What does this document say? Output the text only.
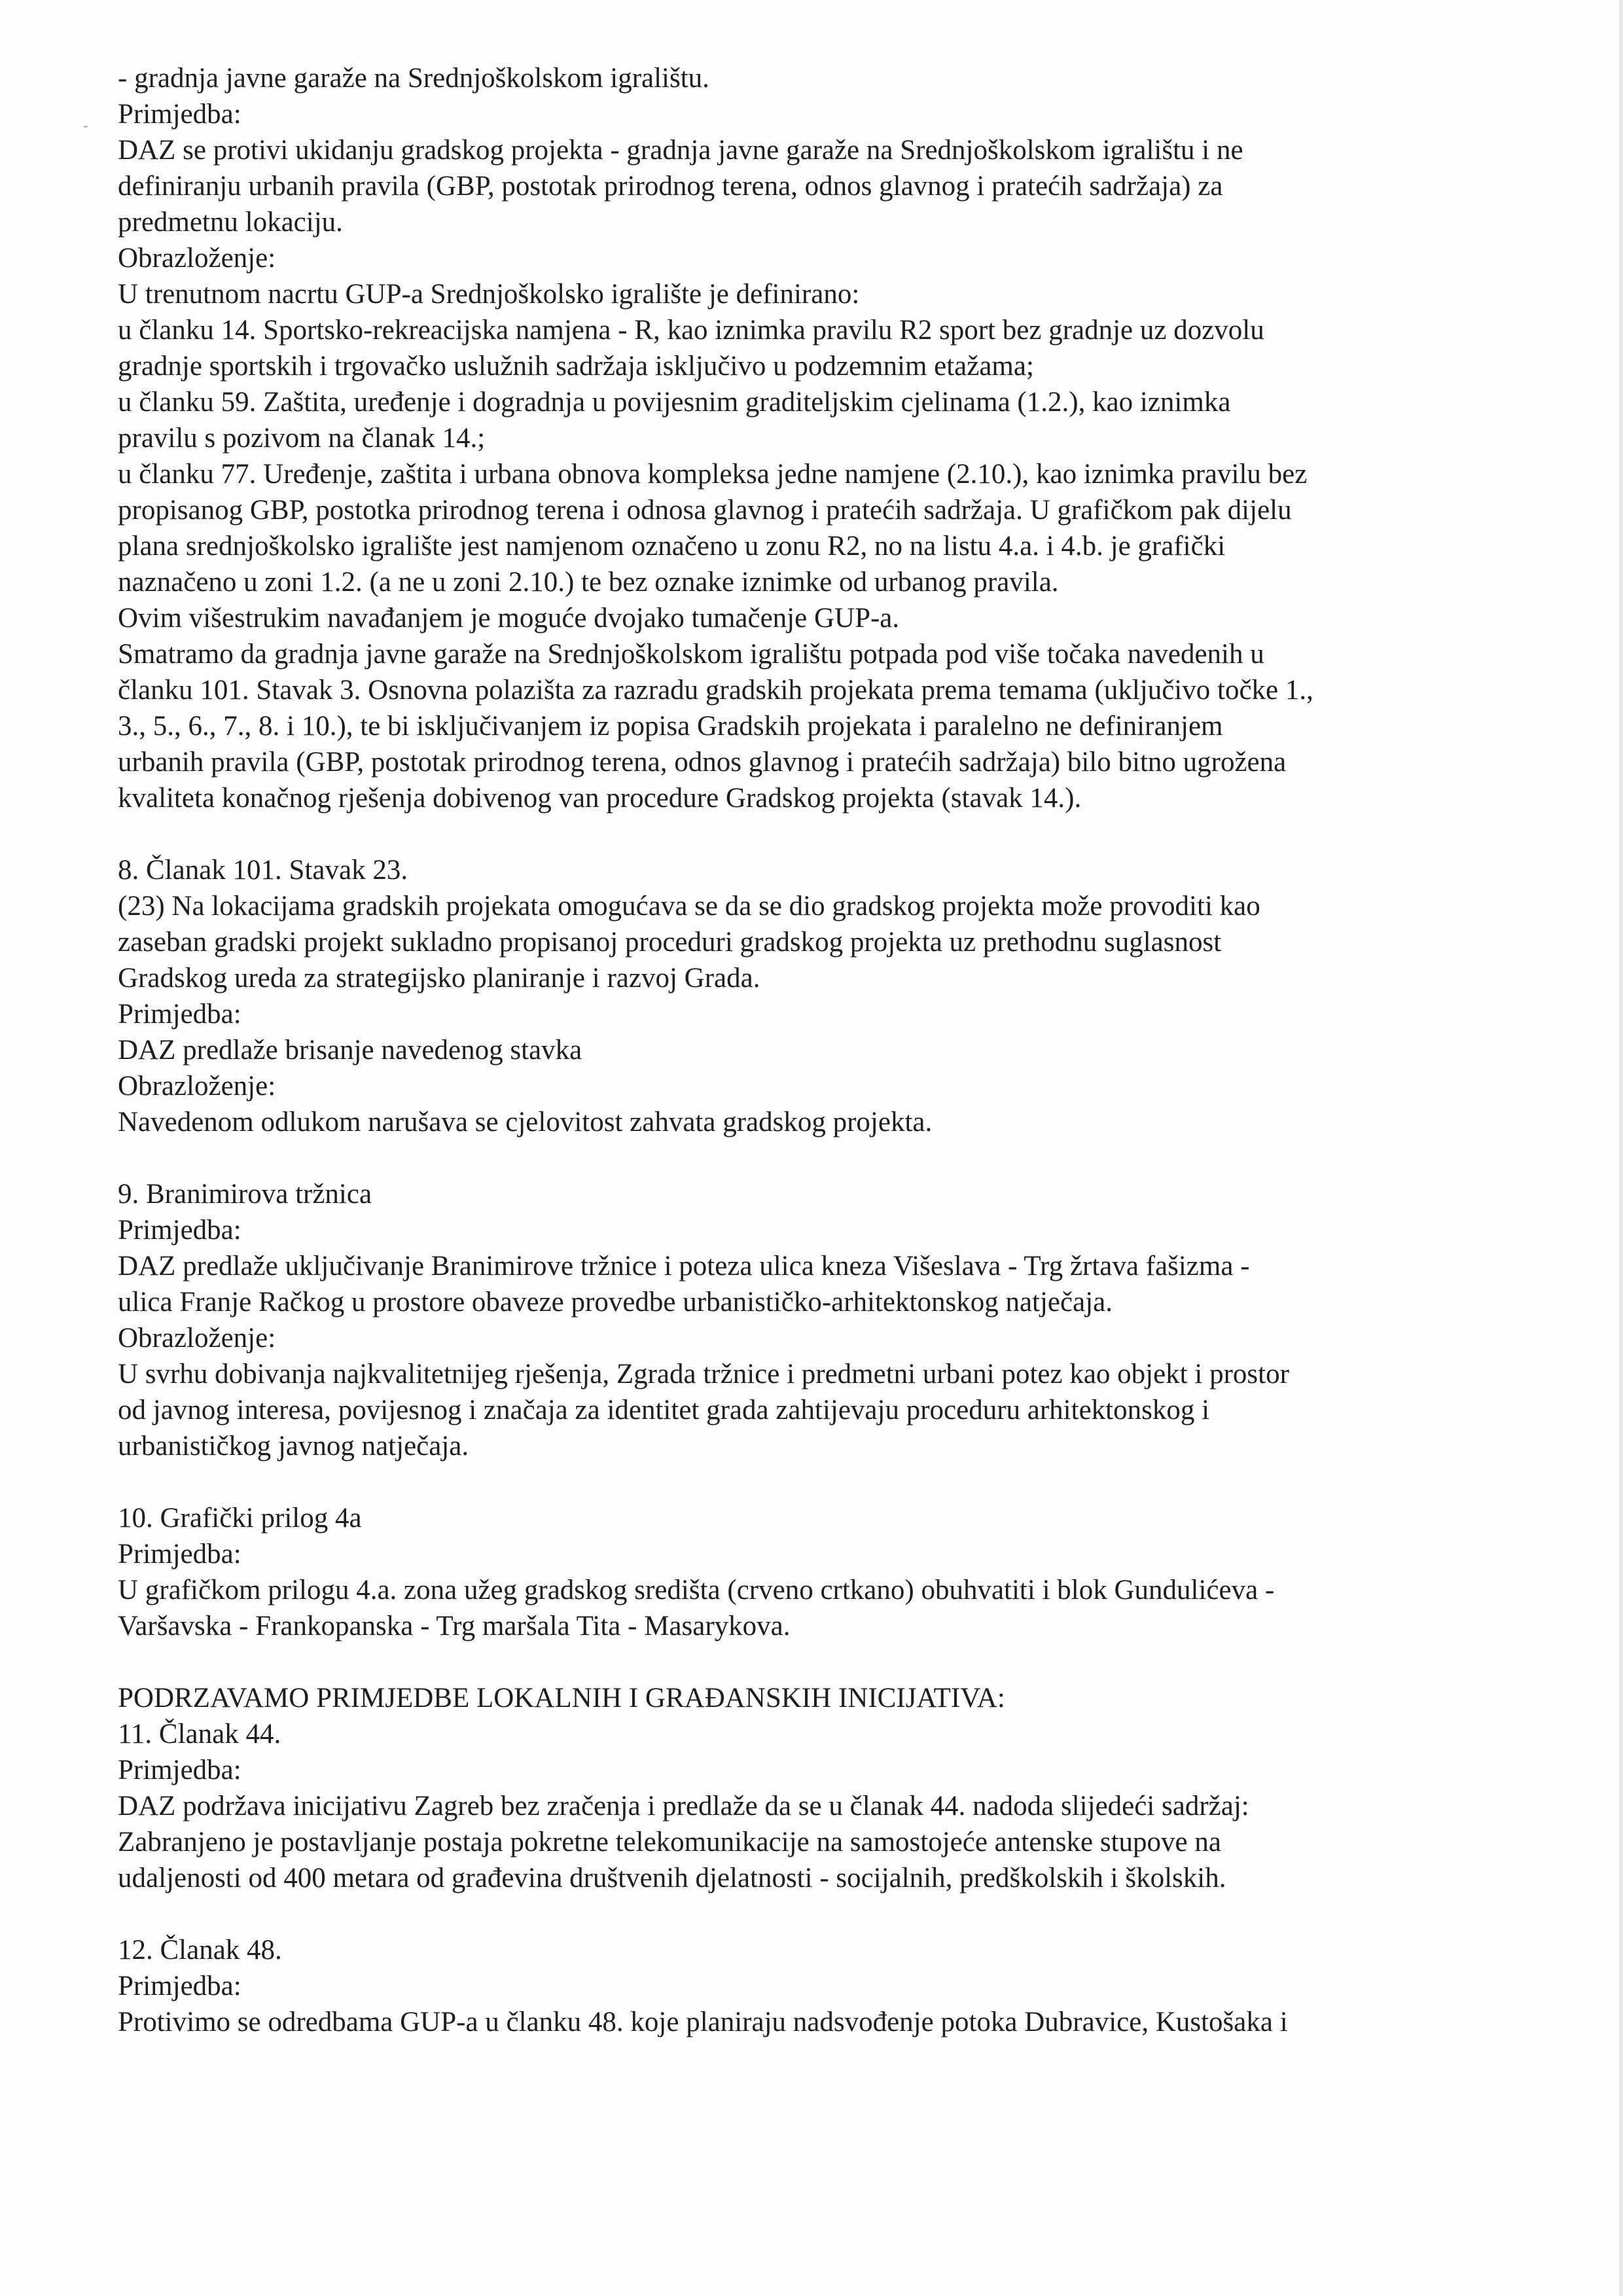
- gradnja javne garaže na Srednjoškolskom igralištu.
Primjedba:
DAZ se protivi ukidanju gradskog projekta - gradnja javne garaže na Srednjoškolskom igralištu i ne
definiranju urbanih pravila (GBP, postotak prirodnog terena, odnos glavnog i pratećih sadržaja) za
predmetnu lokaciju.
Obrazloženje:
U trenutnom nacrtu GUP-a Srednjoškolsko igralište je definirano:
u članku 14. Sportsko-rekreacijska namjena - R, kao iznimka pravilu R2 sport bez gradnje uz dozvolu
gradnje sportskih i trgovačko uslužnih sadržaja isključivo u podzemnim etažama;
u članku 59. Zaštita, uređenje i dogradnja u povijesnim graditeljskim cjelinama (1.2.), kao iznimka
pravilu s pozivom na članak 14.;
u članku 77. Uređenje, zaštita i urbana obnova kompleksa jedne namjene (2.10.), kao iznimka pravilu bez
propisanog GBP, postotka prirodnog terena i odnosa glavnog i pratećih sadržaja. U grafičkom pak dijelu
plana srednjoškolsko igralište jest namjenom označeno u zonu R2, no na listu 4.a. i 4.b. je grafički
naznačeno u zoni 1.2. (a ne u zoni 2.10.) te bez oznake iznimke od urbanog pravila.
Ovim višestrukim navađanjem je moguće dvojako tumačenje GUP-a.
Smatramo da gradnja javne garaže na Srednjoškolskom igralištu potpada pod više točaka navedenih u
članku 101. Stavak 3. Osnovna polazišta za razradu gradskih projekata prema temama (uključivo točke 1.,
3., 5., 6., 7., 8. i 10.), te bi isključivanjem iz popisa Gradskih projekata i paralelno ne definiranjem
urbanih pravila (GBP, postotak prirodnog terena, odnos glavnog i pratećih sadržaja) bilo bitno ugrožena
kvaliteta konačnog rješenja dobivenog van procedure Gradskog projekta (stavak 14.).
8. Članak 101. Stavak 23.
(23) Na lokacijama gradskih projekata omogućava se da se dio gradskog projekta može provoditi kao
zaseban gradski projekt sukladno propisanoj proceduri gradskog projekta uz prethodnu suglasnost
Gradskog ureda za strategijsko planiranje i razvoj Grada.
Primjedba:
DAZ predlaže brisanje navedenog stavka
Obrazloženje:
Navedenom odlukom narušava se cjelovitost zahvata gradskog projekta.
9. Branimirova tržnica
Primjedba:
DAZ predlaže uključivanje Branimirove tržnice i poteza ulica kneza Višeslava - Trg žrtava fašizma -
ulica Franje Račkog u prostore obaveze provedbe urbanističko-arhitektonskog natječaja.
Obrazloženje:
U svrhu dobivanja najkvalitetnijeg rješenja, Zgrada tržnice i predmetni urbani potez kao objekt i prostor
od javnog interesa, povijesnog i značaja za identitet grada zahtijevaju proceduru arhitektonskog i
urbanističkog javnog natječaja.
10. Grafički prilog 4a
Primjedba:
U grafičkom prilogu 4.a. zona užeg gradskog središta (crveno crtkano) obuhvatiti i blok Gundulićeva -
Varšavska - Frankopanska - Trg maršala Tita - Masarykova.
PODRZAVAMO PRIMJEDBE LOKALNIH I GRAĐANSKIH INICIJATIVA:
11. Članak 44.
Primjedba:
DAZ podržava inicijativu Zagreb bez zračenja i predlaže da se u članak 44. nadoda slijedeći sadržaj:
Zabranjeno je postavljanje postaja pokretne telekomunikacije na samostojeće antenske stupove na
udaljenosti od 400 metara od građevina društvenih djelatnosti - socijalnih, predškolskih i školskih.
12. Članak 48.
Primjedba:
Protivimo se odredbama GUP-a u članku 48. koje planiraju nadsvođenje potoka Dubravice, Kustošaka i
